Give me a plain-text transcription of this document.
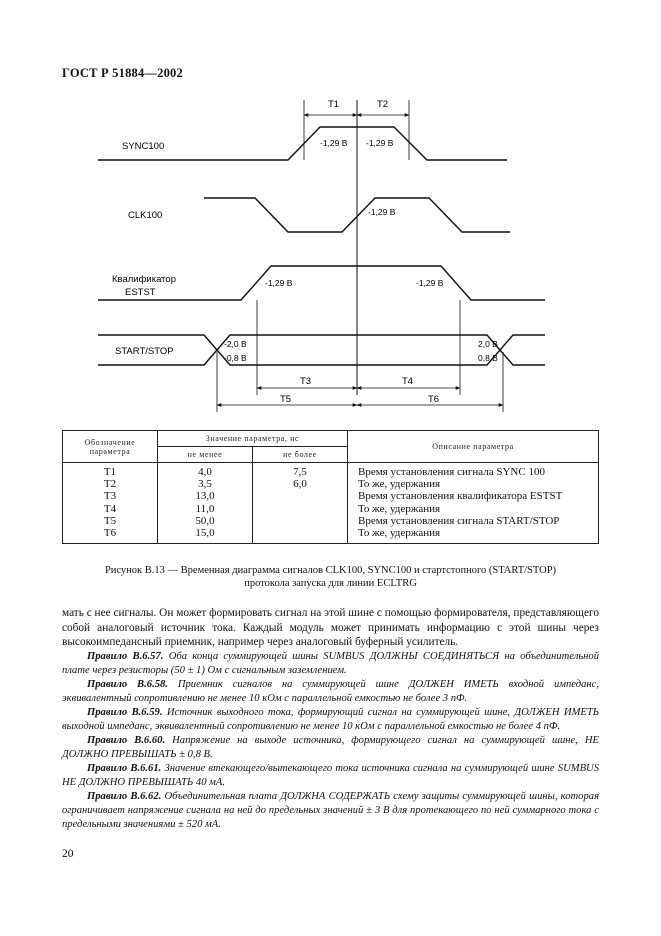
ГОСТ Р 51884—2002
SYNC100
CLK100
Квалификатор
ESTST
START/STOP
T1	T2
T3	T4
T5	T6
-1,29 В -1,29 В
-1,29 В
-1,29 В	-1,29 В
-2,0 В
-0,8 В
2,0 В
0,8 В
Обозначение параметра	Значение параметра, нс		Описание параметра
	не менее	не более	
T1	4,0	7,5	Время установления сигнала SYNC 100
T2	3,5	6,0	То же, удержания
T3	13,0		Время установления квалификатора ESTST
T4	11,0		То же, удержания
T5	50,0		Время установления сигнала START/STOP
T6	15,0		То же, удержания
Рисунок В.13 — Временная диаграмма сигналов CLK100, SYNC100 и стартстопного (START/STOP)
протокола запуска для линии ECLTRG

мать с нее сигналы. Он может формировать сигнал на этой шине с помощью формирователя, представляющего собой аналоговый источник тока. Каждый модуль может принимать информацию с этой шины через высокоимпедансный приемник, например через аналоговый буферный усилитель.

Правило В.6.57. Оба конца суммирующей шины SUMBUS ДОЛЖНЫ СОЕДИНЯТЬСЯ на объединительной плате через резисторы (50 ± 1) Ом с сигнальным заземлением.

Правило В.6.58. Приемник сигналов на суммирующей шине ДОЛЖЕН ИМЕТЬ входной импеданс, эквивалентный сопротивлению не менее 10 кОм с параллельной емкостью не более 3 пФ.

Правило В.6.59. Источник выходного тока, формирующий сигнал на суммирующей шине, ДОЛЖЕН ИМЕТЬ выходной импеданс, эквивалентный сопротивлению не менее 10 кОм с параллельной емкостью не более 4 пФ.

Правило В.6.60. Напряжение на выходе источника, формирующего сигнал на суммирующей шине, НЕ ДОЛЖНО ПРЕВЫШАТЬ ± 0,8 В.

Правило В.6.61. Значение втекающего/вытекающего тока источника сигнала на суммирующей шине SUMBUS НЕ ДОЛЖНО ПРЕВЫШАТЬ 40 мА.

Правило В.6.62. Объединительная плата ДОЛЖНА СОДЕРЖАТЬ схему защиты суммирующей шины, которая ограничивает напряжение сигнала на ней до предельных значений ± 3 В для протекающего по ней суммарного тока с предельными значениями ± 520 мА.

20
